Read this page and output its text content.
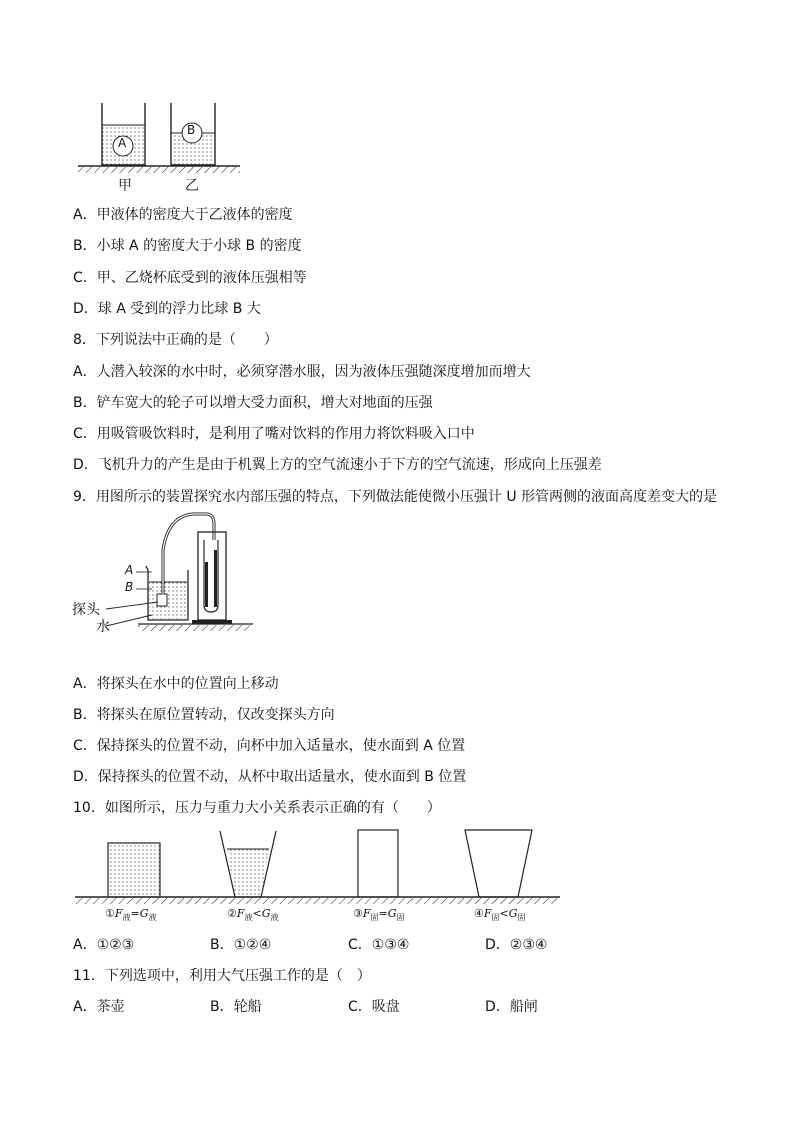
A
B
甲	乙

A．甲液体的密度大于乙液体的密度

B．小球 A 的密度大于小球 B 的密度

C．甲、乙烧杯底受到的液体压强相等

D．球 A 受到的浮力比球 B 大

8．下列说法中正确的是（　　）

A．人潜入较深的水中时，必须穿潜水服，因为液体压强随深度增加而增大

B．铲车宽大的轮子可以增大受力面积，增大对地面的压强

C．用吸管吸饮料时，是利用了嘴对饮料的作用力将饮料吸入口中

D．飞机升力的产生是由于机翼上方的空气流速小于下方的空气流速，形成向上压强差

9．用图所示的装置探究水内部压强的特点，下列做法能使微小压强计 U 形管两侧的液面高度差变大的是

A
B
探头
水

A．将探头在水中的位置向上移动

B．将探头在原位置转动，仅改变探头方向

C．保持探头的位置不动，向杯中加入适量水，使水面到 A 位置

D．保持探头的位置不动，从杯中取出适量水，使水面到 B 位置

10．如图所示，压力与重力大小关系表示正确的有（　　）

$①F_液=G_液$	$②F_液<G_液$	$③F_固=G_固$	$④F_固<G_固$
A．①②③	B．①②④	C．①③④	D．②③④

11．下列选项中，利用大气压强工作的是（　）

A．茶壶	B．轮船	C．吸盘	D．船闸
